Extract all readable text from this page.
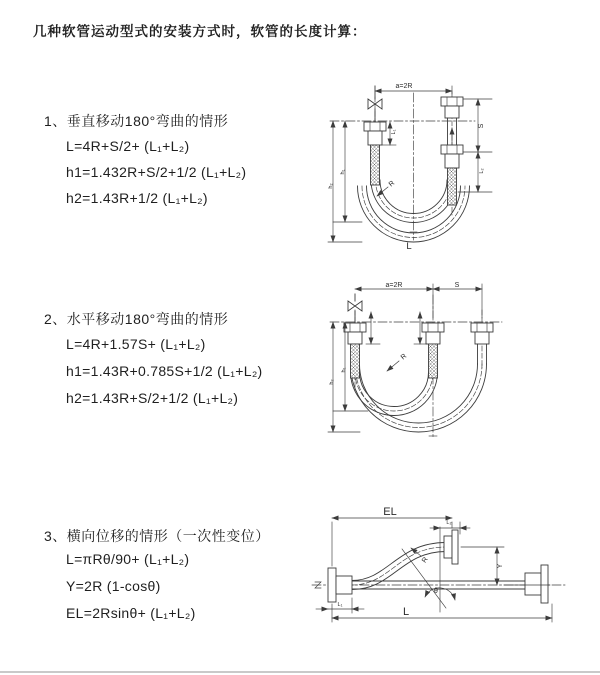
几种软管运动型式的安装方式时，软管的长度计算：
1、垂直移动180°弯曲的情形
L=4R+S/2+ (L₁+L₂)
h1=1.432R+S/2+1/2 (L₁+L₂)
h2=1.43R+1/2 (L₁+L₂)
2、水平移动180°弯曲的情形
L=4R+1.57S+ (L₁+L₂)
h1=1.43R+0.785S+1/2 (L₁+L₂)
h2=1.43R+S/2+1/2 (L₁+L₂)
3、横向位移的情形（一次性变位）
L=πRθ/90+ (L₁+L₂)
Y=2R (1-cosθ)
EL=2Rsinθ+ (L₁+L₂)
a=2R
h₁
h₂
L₁
S
L₂
R
L
a=2R	S
h₁
h₂
R
θ
EL
L₂
Y
R
L₁
L
